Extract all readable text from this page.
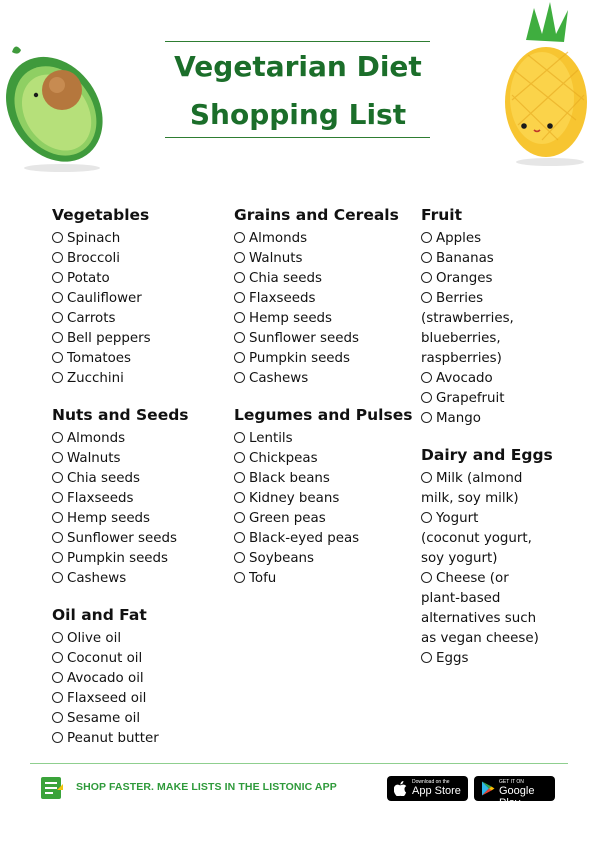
Vegetarian Diet
Shopping List
Vegetables
Spinach
Broccoli
Potato
Cauliflower
Carrots
Bell peppers
Tomatoes
Zucchini
Nuts and Seeds
Almonds
Walnuts
Chia seeds
Flaxseeds
Hemp seeds
Sunflower seeds
Pumpkin seeds
Cashews
Oil and Fat
Olive oil
Coconut oil
Avocado oil
Flaxseed oil
Sesame oil
Peanut butter
Grains and Cereals
Almonds
Walnuts
Chia seeds
Flaxseeds
Hemp seeds
Sunflower seeds
Pumpkin seeds
Cashews
Legumes and Pulses
Lentils
Chickpeas
Black beans
Kidney beans
Green peas
Black-eyed peas
Soybeans
Tofu
Fruit
Apples
Bananas
Oranges
Berries
(strawberries,
blueberries,
raspberries)
Avocado
Grapefruit
Mango
Dairy and Eggs
Milk (almond
milk, soy milk)
Yogurt
(coconut yogurt,
soy yogurt)
Cheese (or
plant-based
alternatives such
as vegan cheese)
Eggs
SHOP FASTER. MAKE LISTS IN THE LISTONIC APP	Download on the
App Store
GET IT ON
Google Play
